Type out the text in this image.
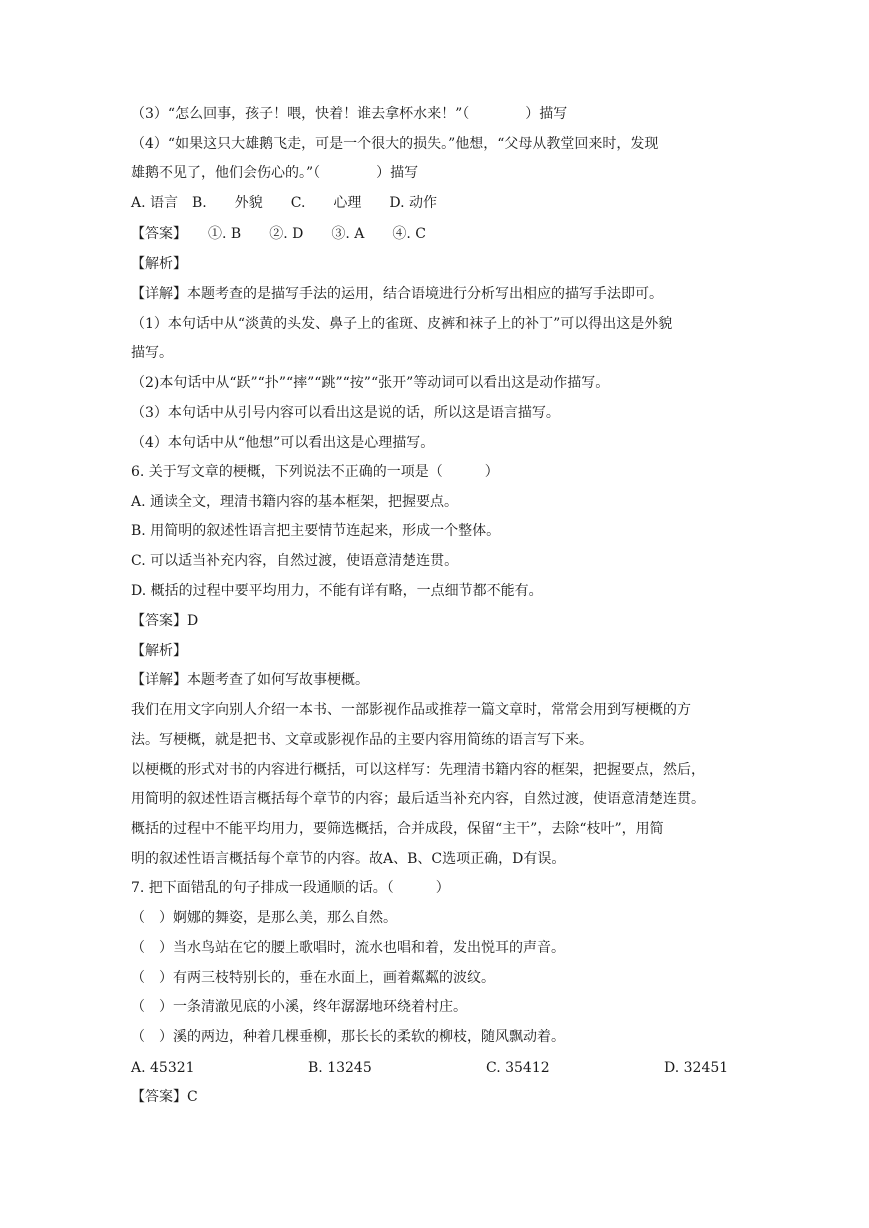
（3）“怎么回事，孩子！喂，快着！谁去拿杯水来！”（　　　　）描写
（4）“如果这只大雄鹅飞走，可是一个很大的损失。”他想，“父母从教堂回来时，发现
雄鹅不见了，他们会伤心的。”（　　　　）描写
A. 语言　B.　　外貌　　C.　　心理　　D. 动作
【答案】　　①. B　　②. D　　③. A　　④. C
【解析】
【详解】本题考查的是描写手法的运用，结合语境进行分析写出相应的描写手法即可。
（1）本句话中从“淡黄的头发、鼻子上的雀斑、皮裤和袜子上的补丁”可以得出这是外貌
描写。
（2)本句话中从“跃”“扑”“摔”“跳”“按”“张开”等动词可以看出这是动作描写。
（3）本句话中从引号内容可以看出这是说的话，所以这是语言描写。
（4）本句话中从“他想”可以看出这是心理描写。
6. 关于写文章的梗概，下列说法不正确的一项是（　　　）
A. 通读全文，理清书籍内容的基本框架，把握要点。
B. 用简明的叙述性语言把主要情节连起来，形成一个整体。
C. 可以适当补充内容，自然过渡，使语意清楚连贯。
D. 概括的过程中要平均用力，不能有详有略，一点细节都不能有。
【答案】D
【解析】
【详解】本题考查了如何写故事梗概。
我们在用文字向别人介绍一本书、一部影视作品或推荐一篇文章时，常常会用到写梗概的方
法。写梗概，就是把书、文章或影视作品的主要内容用简练的语言写下来。
以梗概的形式对书的内容进行概括，可以这样写：先理清书籍内容的框架，把握要点，然后，
用简明的叙述性语言概括每个章节的内容；最后适当补充内容，自然过渡，使语意清楚连贯。
概括的过程中不能平均用力，要筛选概括，合并成段，保留“主干”，去除“枝叶”，用简
明的叙述性语言概括每个章节的内容。故A、B、C选项正确，D有误。
7. 把下面错乱的句子排成一段通顺的话。（　　　）
（　）婀娜的舞姿，是那么美，那么自然。
（　）当水鸟站在它的腰上歌唱时，流水也唱和着，发出悦耳的声音。
（　）有两三枝特别长的，垂在水面上，画着粼粼的波纹。
（　）一条清澈见底的小溪，终年潺潺地环绕着村庄。
（　）溪的两边，种着几棵垂柳，那长长的柔软的柳枝，随风飘动着。
A. 45321	B. 13245	C. 35412	D. 32451
【答案】C
